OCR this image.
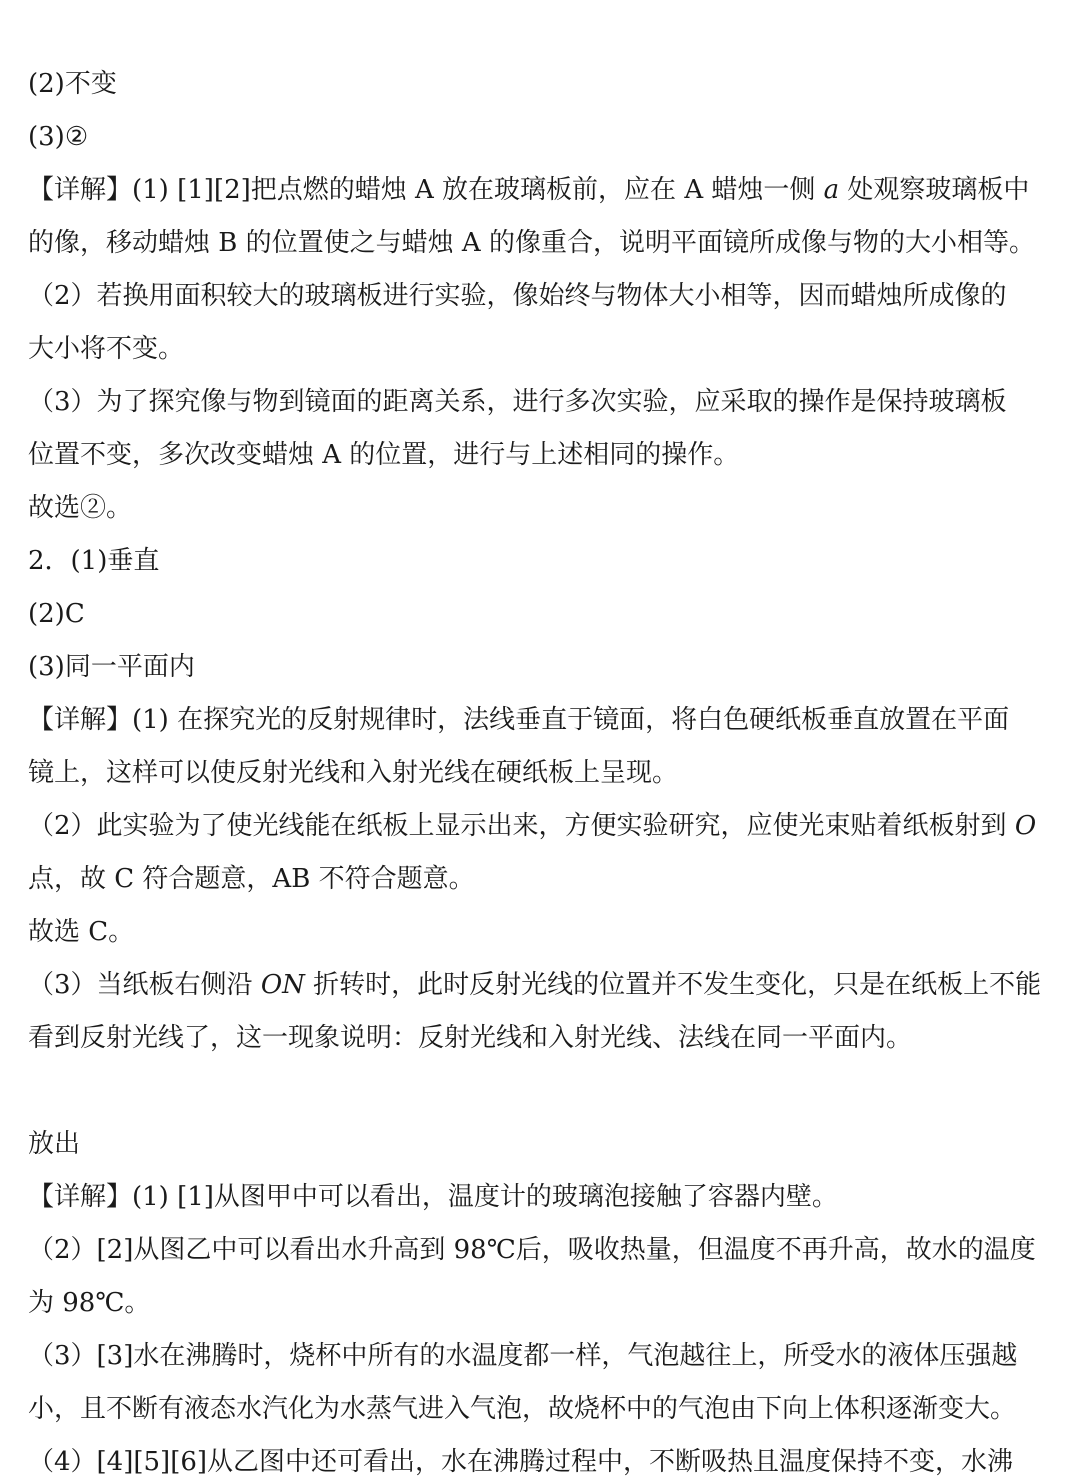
(2)不变
(3)②
【详解】(1) [1][2]把点燃的蜡烛 A 放在玻璃板前，应在 A 蜡烛一侧 a 处观察玻璃板中
的像，移动蜡烛 B 的位置使之与蜡烛 A 的像重合，说明平面镜所成像与物的大小相等。
（2）若换用面积较大的玻璃板进行实验，像始终与物体大小相等，因而蜡烛所成像的
大小将不变。
（3）为了探究像与物到镜面的距离关系，进行多次实验，应采取的操作是保持玻璃板
位置不变，多次改变蜡烛 A 的位置，进行与上述相同的操作。
故选②。
2．(1)垂直
(2)C
(3)同一平面内
【详解】(1) 在探究光的反射规律时，法线垂直于镜面，将白色硬纸板垂直放置在平面
镜上，这样可以使反射光线和入射光线在硬纸板上呈现。
（2）此实验为了使光线能在纸板上显示出来，方便实验研究，应使光束贴着纸板射到 O
点，故 C 符合题意，AB 不符合题意。
故选 C。
（3）当纸板右侧沿 ON 折转时，此时反射光线的位置并不发生变化，只是在纸板上不能
看到反射光线了，这一现象说明：反射光线和入射光线、法线在同一平面内。
放出
【详解】(1) [1]从图甲中可以看出，温度计的玻璃泡接触了容器内壁。
（2）[2]从图乙中可以看出水升高到 98℃后，吸收热量，但温度不再升高，故水的温度
为 98℃。
（3）[3]水在沸腾时，烧杯中所有的水温度都一样，气泡越往上，所受水的液体压强越
小，且不断有液态水汽化为水蒸气进入气泡，故烧杯中的气泡由下向上体积逐渐变大。
（4）[4][5][6]从乙图中还可看出，水在沸腾过程中，不断吸热且温度保持不变，水沸
